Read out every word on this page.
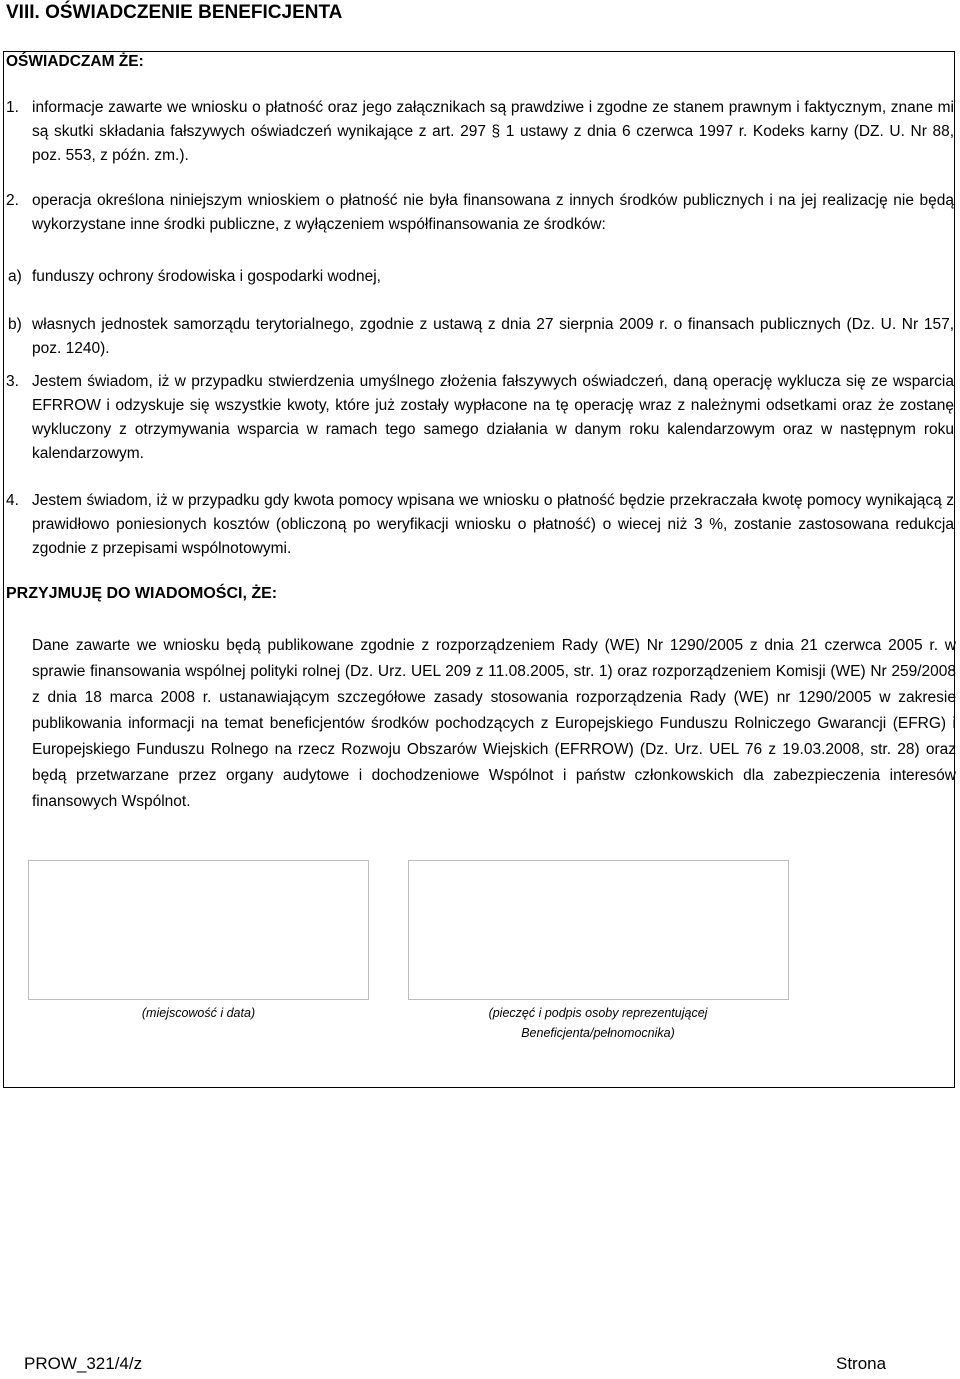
VIII. OŚWIADCZENIE BENEFICJENTA
OŚWIADCZAM ŻE:
1. informacje zawarte we wniosku o płatność oraz jego załącznikach są prawdziwe i zgodne ze stanem prawnym i faktycznym, znane mi są skutki składania fałszywych oświadczeń wynikające z art. 297 § 1 ustawy z dnia 6 czerwca 1997 r. Kodeks karny (DZ. U. Nr 88, poz. 553, z późn. zm.).
2. operacja określona niniejszym wnioskiem o płatność nie była finansowana z innych środków publicznych i na jej realizację nie będą wykorzystane inne środki publiczne, z wyłączeniem współfinansowania ze środków:
a) funduszy ochrony środowiska i gospodarki wodnej,
b) własnych jednostek samorządu terytorialnego, zgodnie z ustawą z dnia 27 sierpnia 2009 r. o finansach publicznych (Dz. U. Nr 157, poz. 1240).
3. Jestem świadom, iż w przypadku stwierdzenia umyślnego złożenia fałszywych oświadczeń, daną operację wyklucza się ze wsparcia EFRROW i odzyskuje się wszystkie kwoty, które już zostały wypłacone na tę operację wraz z należnymi odsetkami oraz że zostanę wykluczony z otrzymywania wsparcia w ramach tego samego działania w danym roku kalendarzowym oraz w następnym roku kalendarzowym.
4. Jestem świadom, iż w przypadku gdy kwota pomocy wpisana we wniosku o płatność będzie przekraczała kwotę pomocy wynikającą z prawidłowo poniesionych kosztów (obliczoną po weryfikacji wniosku o płatność) o wiecej niż 3 %, zostanie zastosowana redukcja zgodnie z przepisami wspólnotowymi.
PRZYJMUJĘ DO WIADOMOŚCI, ŻE:
Dane zawarte we wniosku będą publikowane zgodnie z rozporządzeniem Rady (WE) Nr 1290/2005 z dnia 21 czerwca 2005 r. w sprawie finansowania wspólnej polityki rolnej (Dz. Urz. UEL 209 z 11.08.2005, str. 1) oraz rozporządzeniem Komisji (WE) Nr 259/2008 z dnia 18 marca 2008 r. ustanawiającym szczegółowe zasady stosowania rozporządzenia Rady (WE) nr 1290/2005 w zakresie publikowania informacji na temat beneficjentów środków pochodzących z Europejskiego Funduszu Rolniczego Gwarancji (EFRG) i Europejskiego Funduszu Rolnego na rzecz Rozwoju Obszarów Wiejskich (EFRROW) (Dz. Urz. UEL 76 z 19.03.2008, str. 28) oraz będą przetwarzane przez organy audytowe i dochodzeniowe Wspólnot i państw członkowskich dla zabezpieczenia interesów finansowych Wspólnot.
(miejscowość i data)	(pieczęć i podpis osoby reprezentującej
Beneficjenta/pełnomocnika)
PROW_321/4/z	Strona
